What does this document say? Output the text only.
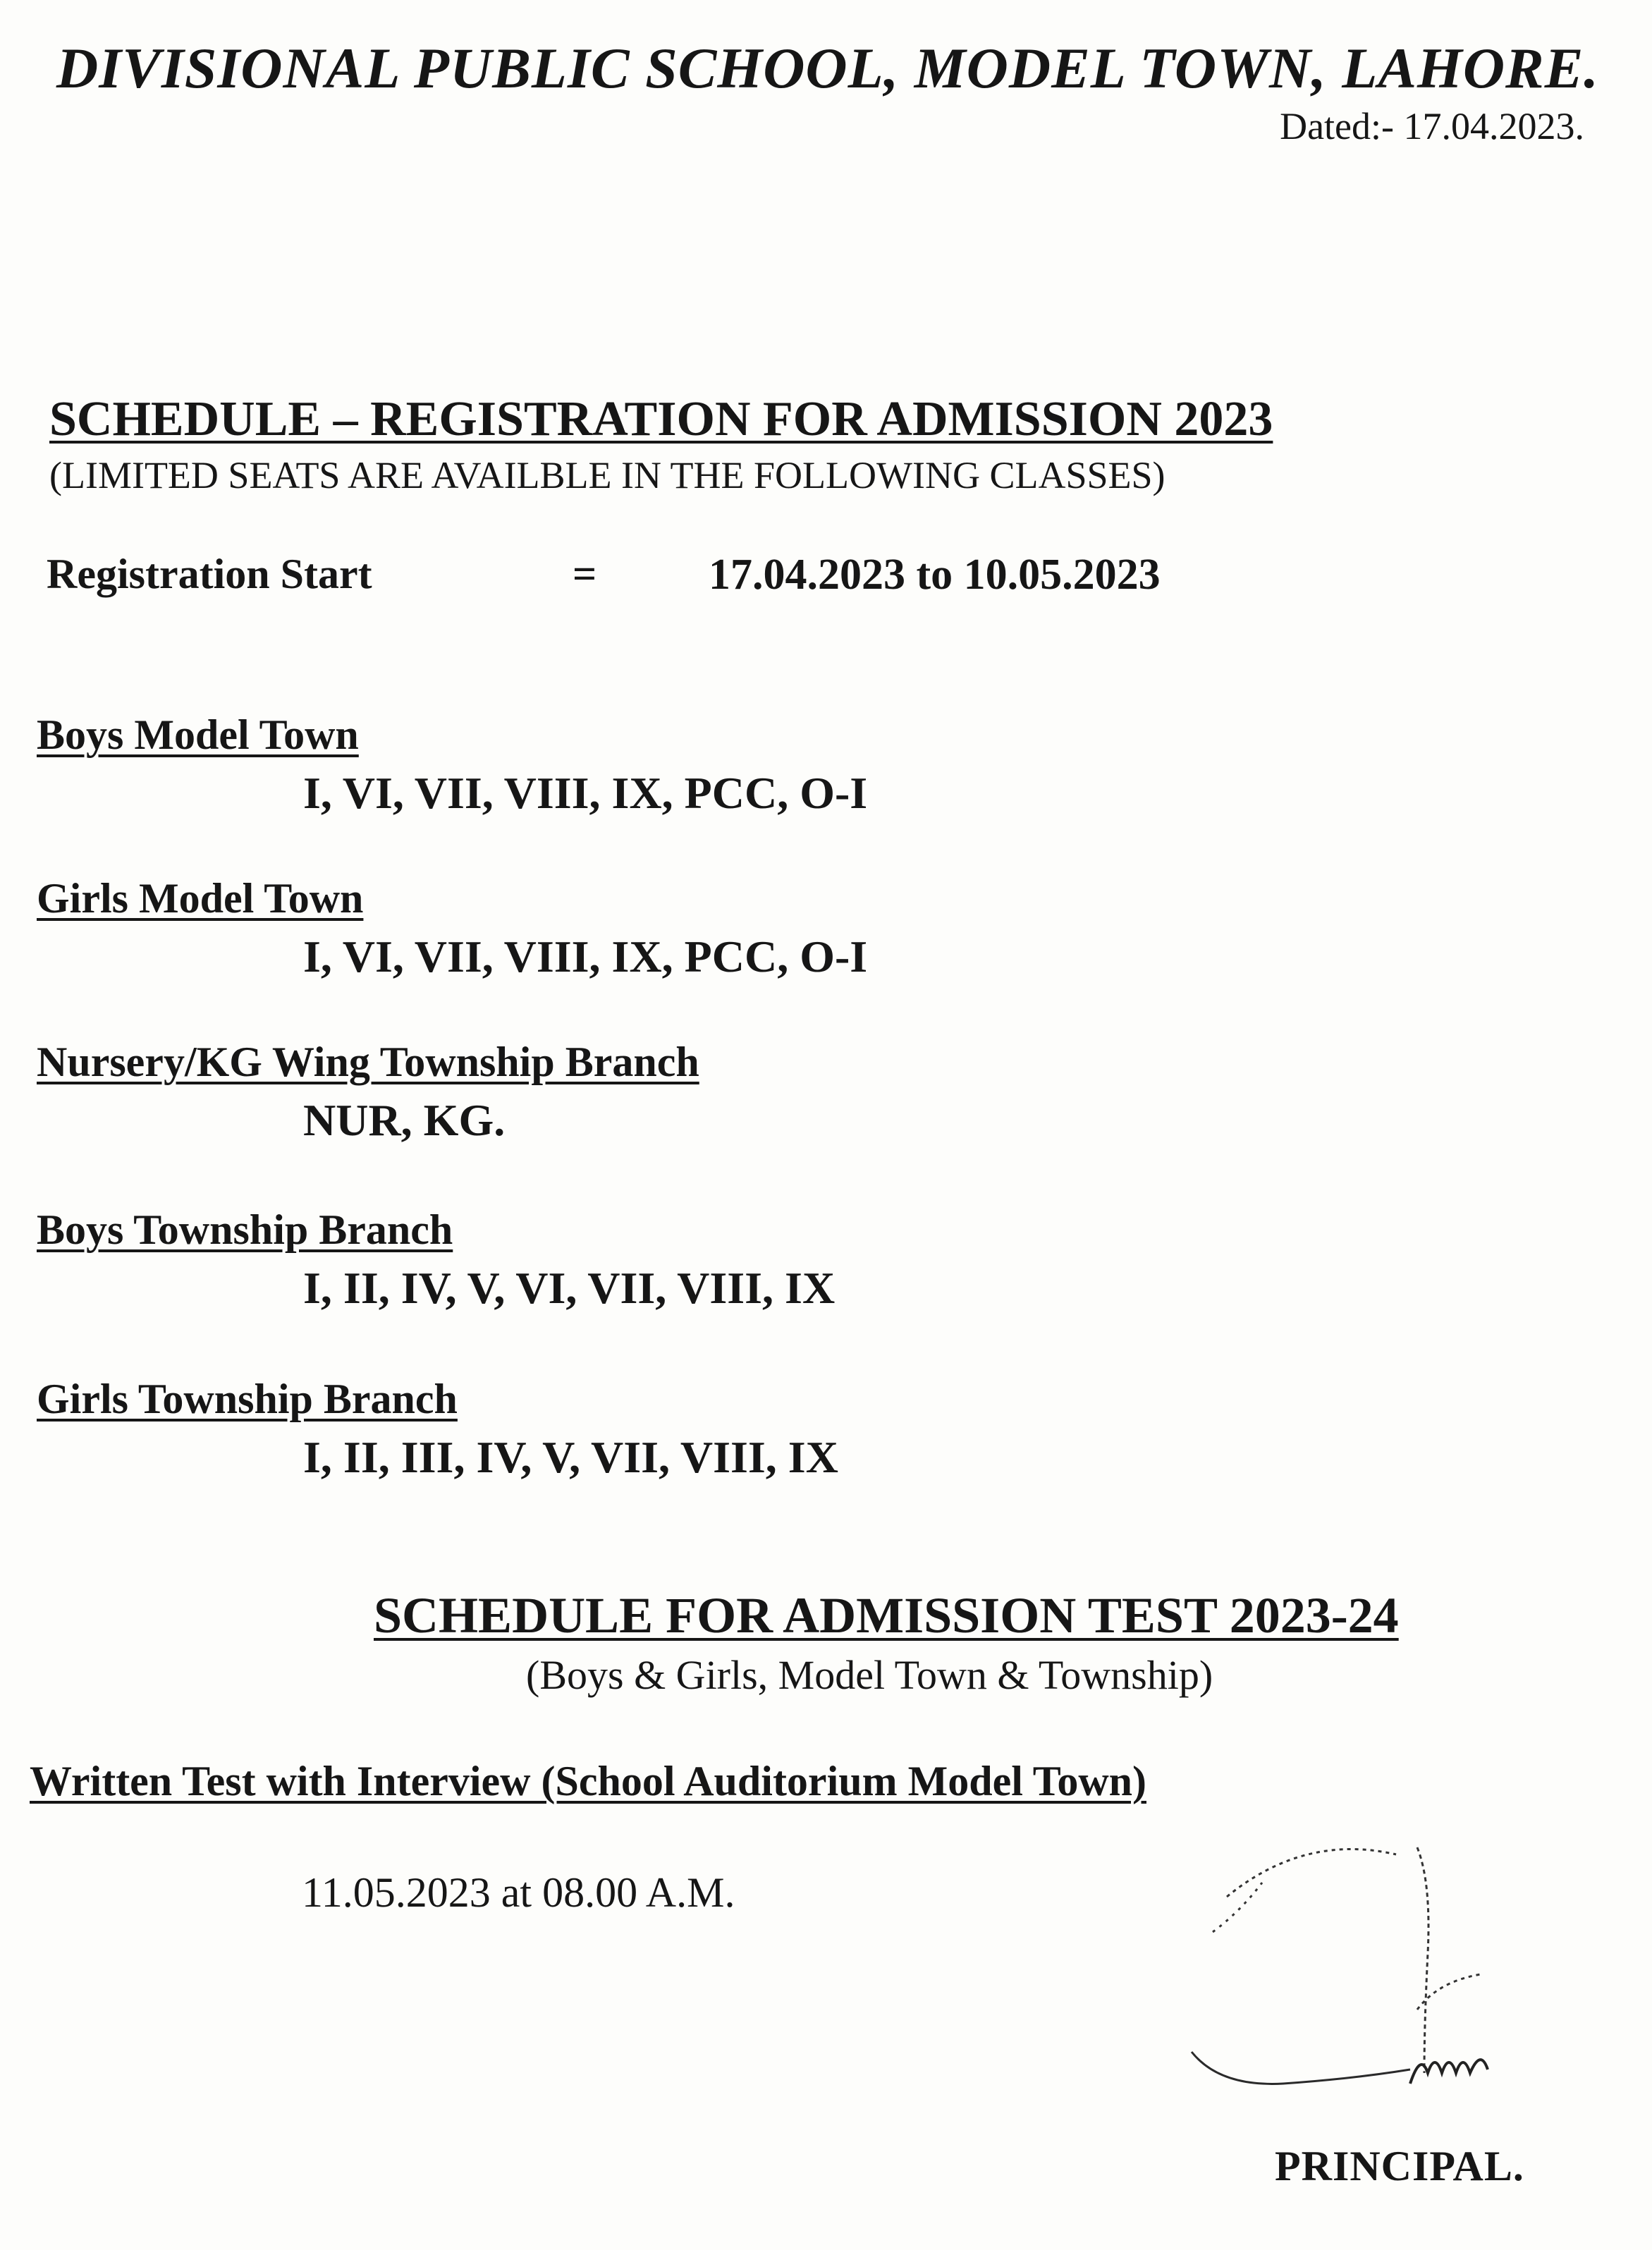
DIVISIONAL PUBLIC SCHOOL, MODEL TOWN, LAHORE.
Dated:- 17.04.2023.
SCHEDULE – REGISTRATION FOR ADMISSION 2023
(LIMITED SEATS ARE AVAILBLE IN THE FOLLOWING CLASSES)
Registration Start	=	17.04.2023 to 10.05.2023
Boys Model Town
I, VI, VII, VIII, IX, PCC, O-I
Girls Model Town
I, VI, VII, VIII, IX, PCC, O-I
Nursery/KG Wing Township Branch
NUR, KG.
Boys Township Branch
I, II, IV, V, VI, VII, VIII, IX
Girls Township Branch
I, II, III, IV, V, VII, VIII, IX
SCHEDULE FOR ADMISSION TEST 2023-24
(Boys & Girls, Model Town & Township)
Written Test with Interview (School Auditorium Model Town)
11.05.2023 at 08.00 A.M.
PRINCIPAL.
